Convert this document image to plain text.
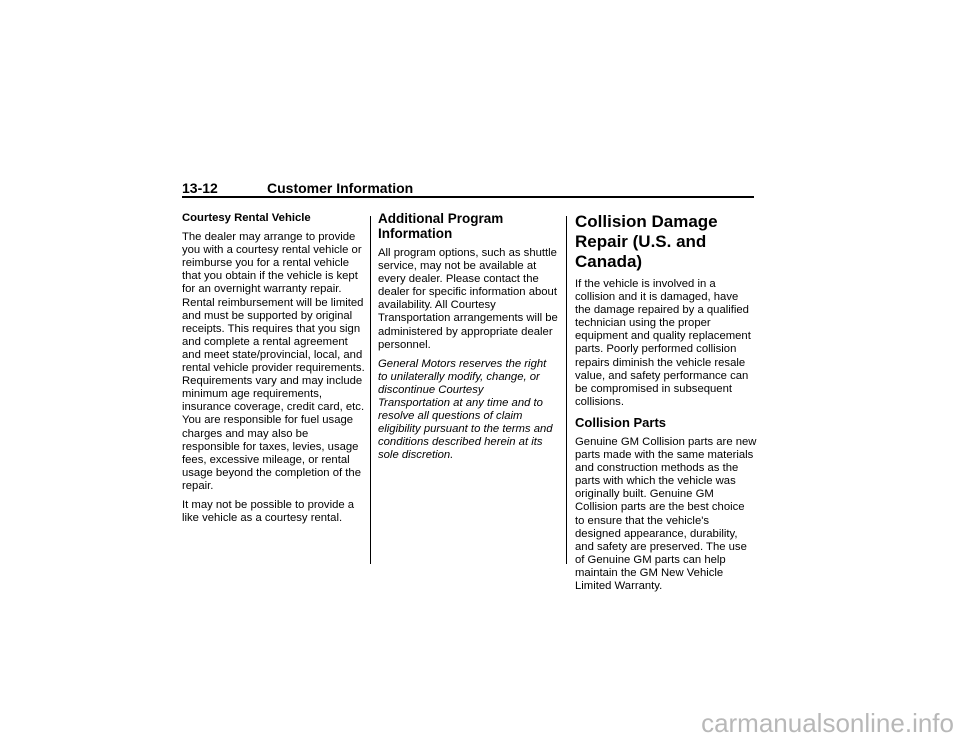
13-12	Customer Information

Courtesy Rental Vehicle

The dealer may arrange to provide you with a courtesy rental vehicle or reimburse you for a rental vehicle that you obtain if the vehicle is kept for an overnight warranty repair. Rental reimbursement will be limited and must be supported by original receipts. This requires that you sign and complete a rental agreement and meet state/provincial, local, and rental vehicle provider requirements. Requirements vary and may include minimum age requirements, insurance coverage, credit card, etc. You are responsible for fuel usage charges and may also be responsible for taxes, levies, usage fees, excessive mileage, or rental usage beyond the completion of the repair.

It may not be possible to provide a like vehicle as a courtesy rental.

Additional Program Information

All program options, such as shuttle service, may not be available at every dealer. Please contact the dealer for specific information about availability. All Courtesy Transportation arrangements will be administered by appropriate dealer personnel.

General Motors reserves the right to unilaterally modify, change, or discontinue Courtesy Transportation at any time and to resolve all questions of claim eligibility pursuant to the terms and conditions described herein at its sole discretion.

Collision Damage Repair (U.S. and Canada)

If the vehicle is involved in a collision and it is damaged, have the damage repaired by a qualified technician using the proper equipment and quality replacement parts. Poorly performed collision repairs diminish the vehicle resale value, and safety performance can be compromised in subsequent collisions.

Collision Parts

Genuine GM Collision parts are new parts made with the same materials and construction methods as the parts with which the vehicle was originally built. Genuine GM Collision parts are the best choice to ensure that the vehicle's designed appearance, durability, and safety are preserved. The use of Genuine GM parts can help maintain the GM New Vehicle Limited Warranty.

carmanualsonline.info
